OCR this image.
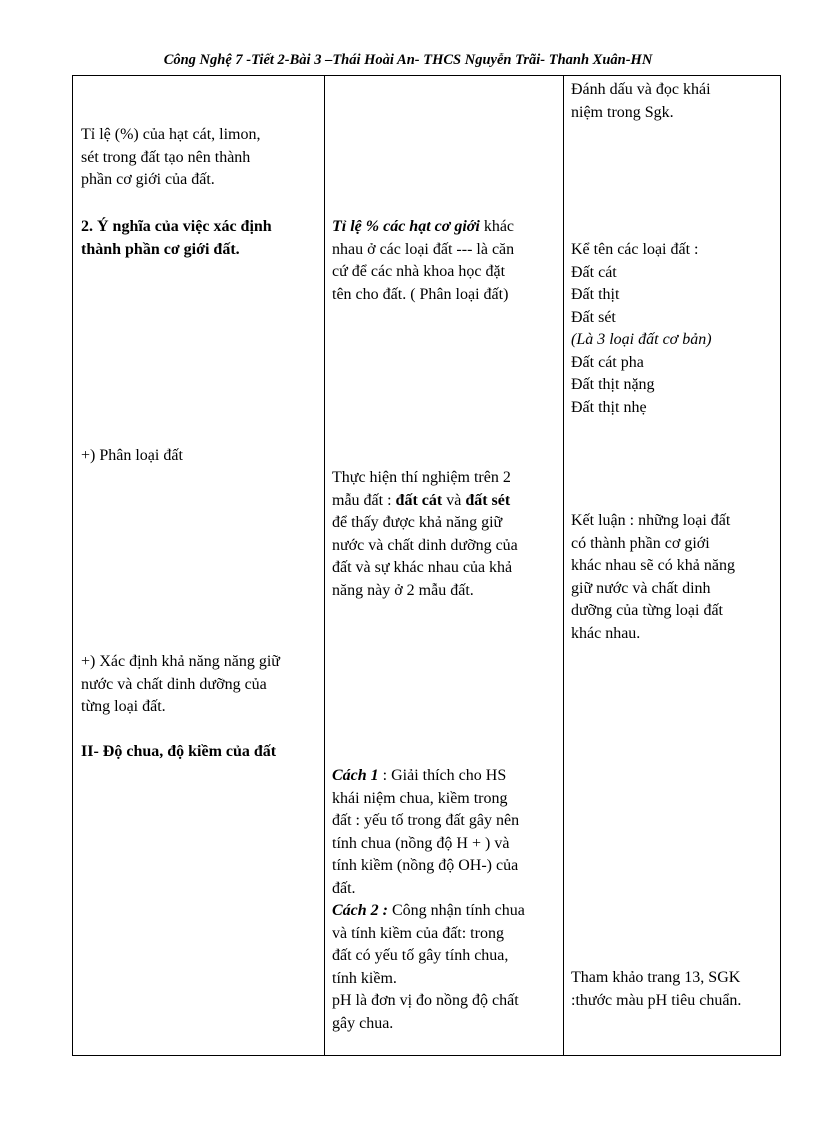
Công Nghệ 7 -Tiết 2-Bài 3 –Thái Hoài An- THCS Nguyễn Trãi- Thanh Xuân-HN
Tỉ lệ (%) của hạt cát, limon,
sét trong đất tạo nên thành
phần cơ giới của đất.
2. Ý nghĩa của việc xác định
thành phần cơ giới đất.
+) Phân loại đất
+) Xác định khả năng năng giữ
nước và chất dinh dưỡng của
từng loại đất.
II- Độ chua, độ kiềm của đất
Tỉ lệ % các hạt cơ giới khác
nhau ở các loại đất --- là căn
cứ để các nhà khoa học đặt
tên cho đất. ( Phân loại đất)
Thực hiện thí nghiệm trên 2
mẫu đất : đất cát và đất sét
để thấy được khả năng giữ
nước và chất dinh dưỡng của
đất và sự khác nhau của khả
năng này ở 2 mẫu đất.
Cách 1 : Giải thích cho HS
khái niệm chua, kiềm trong
đất : yếu tố trong đất gây nên
tính chua (nồng độ H + ) và
tính kiềm (nồng độ OH-) của
đất.
Cách 2 : Công nhận tính chua
và tính kiềm của đất: trong
đất có yếu tố gây tính chua,
tính kiềm.
pH là đơn vị đo nồng độ chất
gây chua.
Đánh dấu và đọc khái
niệm trong Sgk.
Kể tên các loại đất :
Đất cát
Đất thịt
Đất sét
(Là 3 loại đất cơ bản)
Đất cát pha
Đất thịt nặng
Đất thịt nhẹ
Kết luận : những loại đất
có thành phần cơ giới
khác nhau sẽ có khả năng
giữ nước và chất dinh
dưỡng của từng loại đất
khác nhau.
Tham khảo trang 13, SGK
:thước màu pH tiêu chuẩn.
